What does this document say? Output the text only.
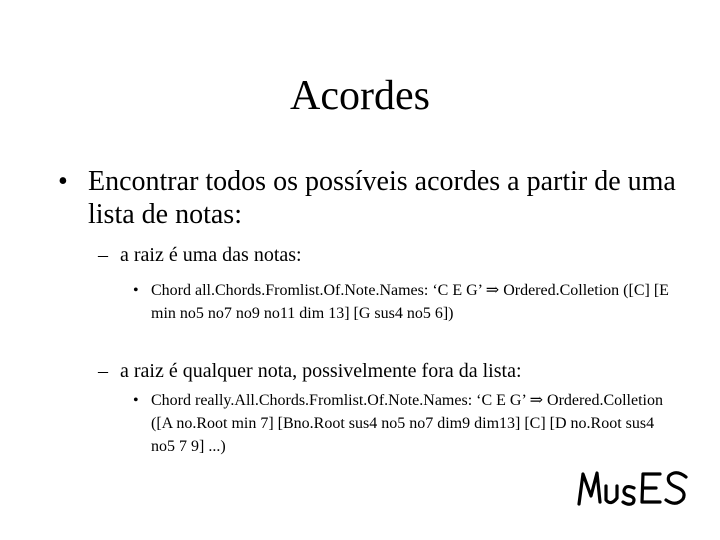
Acordes
• Encontrar todos os possíveis acordes a partir de uma lista de notas:
– a raiz é uma das notas:
• Chord all.Chords.Fromlist.Of.Note.Names: ‘C E G’ ⇒ Ordered.Colletion ([C] [E min no5 no7 no9 no11 dim 13] [G sus4 no5 6])
– a raiz é qualquer nota, possivelmente fora da lista:
• Chord really.All.Chords.Fromlist.Of.Note.Names: ‘C E G’ ⇒ Ordered.Colletion ([A no.Root min 7] [Bno.Root sus4 no5 no7 dim9 dim13] [C] [D no.Root sus4 no5 7 9] ...)
